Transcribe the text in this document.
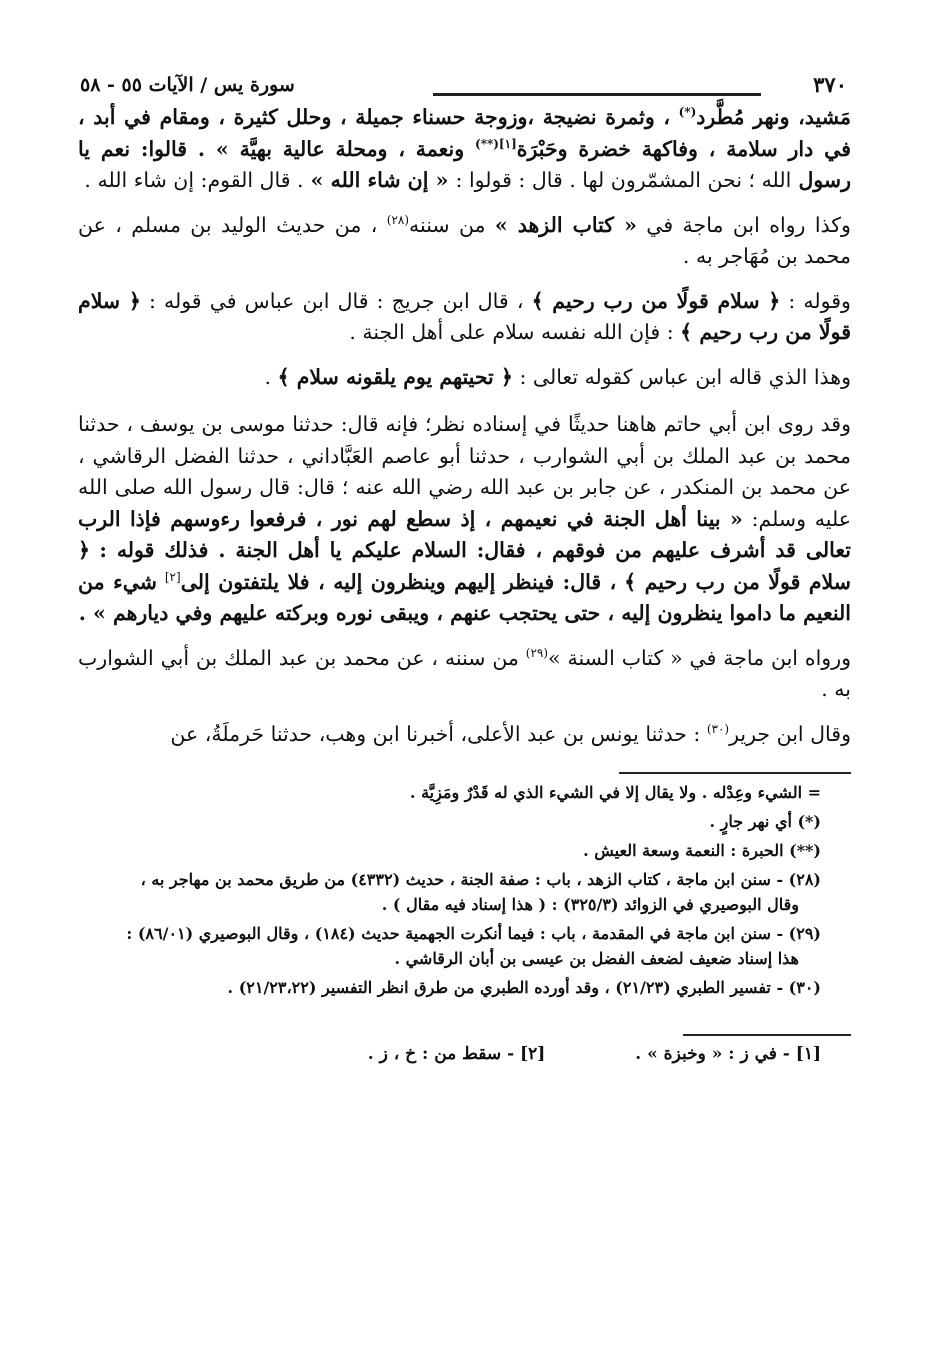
٣٧٠
سورة يس / الآيات ٥٥ - ٥٨

مَشيد، ونهر مُطَّرد(*) ، وثمرة نضيجة ،وزوجة حسناء جميلة ، وحلل كثيرة ، ومقام في أبد ، في دار سلامة ، وفاكهة خضرة وحَبْرَة$^{[١](**)}$ ونعمة ، ومحلة عالية بهيَّة » . قالوا: نعم يا رسول الله ؛ نحن المشمّرون لها . قال : قولوا : « إن شاء الله » . قال القوم: إن شاء الله .

وكذا رواه ابن ماجة في « كتاب الزهد » من سننه$^{(٢٨)}$ ، من حديث الوليد بن مسلم ، عن محمد بن مُهَاجر به .

وقوله : ﴿ سلام قولًا من رب رحيم ﴾ ، قال ابن جريج : قال ابن عباس في قوله : ﴿ سلام قولًا من رب رحيم ﴾ : فإن الله نفسه سلام على أهل الجنة .

وهذا الذي قاله ابن عباس كقوله تعالى : ﴿ تحيتهم يوم يلقونه سلام ﴾ .

وقد روى ابن أبي حاتم هاهنا حديثًا في إسناده نظر؛ فإنه قال: حدثنا موسى بن يوسف ، حدثنا محمد بن عبد الملك بن أبي الشوارب ، حدثنا أبو عاصم العَبَّاداني ، حدثنا الفضل الرقاشي ، عن محمد بن المنكدر ، عن جابر بن عبد الله رضي الله عنه ؛ قال: قال رسول الله صلى الله عليه وسلم: « بينا أهل الجنة في نعيمهم ، إذ سطع لهم نور ، فرفعوا رءوسهم فإذا الرب تعالى قد أشرف عليهم من فوقهم ، فقال: السلام عليكم يا أهل الجنة . فذلك قوله : ﴿ سلام قولًا من رب رحيم ﴾ ، قال: فينظر إليهم وينظرون إليه ، فلا يلتفتون إلى[٢] شيء من النعيم ما داموا ينظرون إليه ، حتى يحتجب عنهم ، ويبقى نوره وبركته عليهم وفي ديارهم » .

ورواه ابن ماجة في « كتاب السنة »$^{(٢٩)}$ من سننه ، عن محمد بن عبد الملك بن أبي الشوارب به .

وقال ابن جرير$^{(٣٠)}$ : حدثنا يونس بن عبد الأعلى، أخبرنا ابن وهب، حدثنا حَرملَةُ، عن

= الشيء وعِدْله . ولا يقال إلا في الشيء الذي له قَدْرٌ ومَزِيَّة .

(*) أي نهر جارٍ .

(**) الحبرة : النعمة وسعة العيش .

(٢٨) - سنن ابن ماجة ، كتاب الزهد ، باب : صفة الجنة ، حديث (٤٣٣٢) من طريق محمد بن مهاجر به ،

وقال البوصيري في الزوائد (٣٢٥/٣) : ( هذا إسناد فيه مقال ) .

(٢٩) - سنن ابن ماجة في المقدمة ، باب : فيما أنكرت الجهمية حديث (١٨٤) ، وقال البوصيري (٨٦/٠١) :

هذا إسناد ضعيف لضعف الفضل بن عيسى بن أبان الرقاشي .

(٣٠) - تفسير الطبري (٢١/٢٣) ، وقد أورده الطبري من طرق انظر التفسير (٢١/٢٣،٢٢) .

[١] - في ز : « وخبزة » .
[٢] - سقط من : خ ، ز .
